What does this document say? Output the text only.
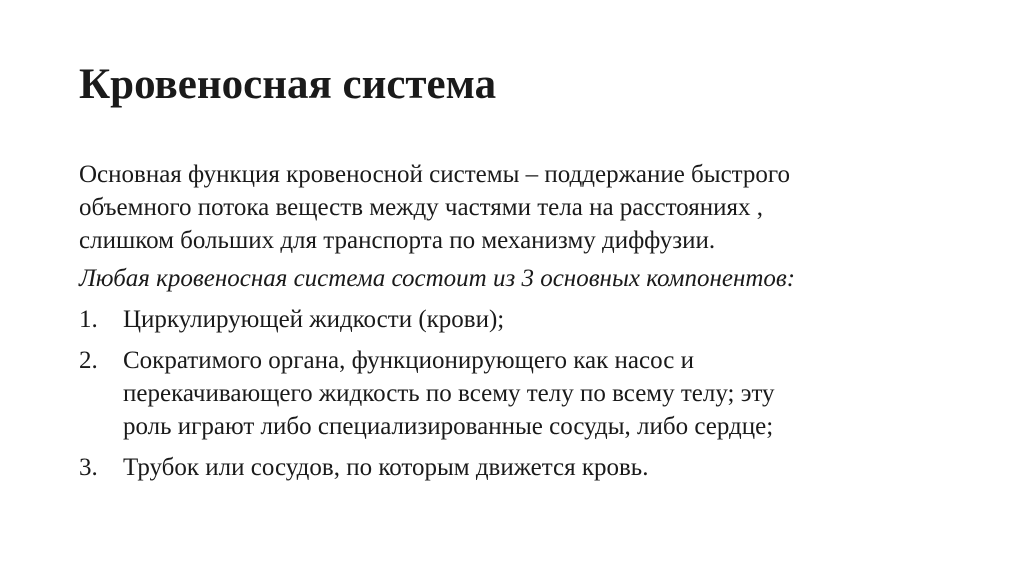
Кровеносная система

Основная функция кровеносной системы – поддержание быстрого
объемного потока веществ между частями тела на расстояниях ,
слишком больших для транспорта по механизму диффузии.

Любая кровеносная система состоит из 3 основных компонентов:

1.	Циркулирующей жидкости (крови);
2.	Сократимого органа, функционирующего как насос и
перекачивающего жидкость по всему телу по всему телу; эту
роль играют либо специализированные сосуды, либо сердце;
3.	Трубок или сосудов, по которым движется кровь.
